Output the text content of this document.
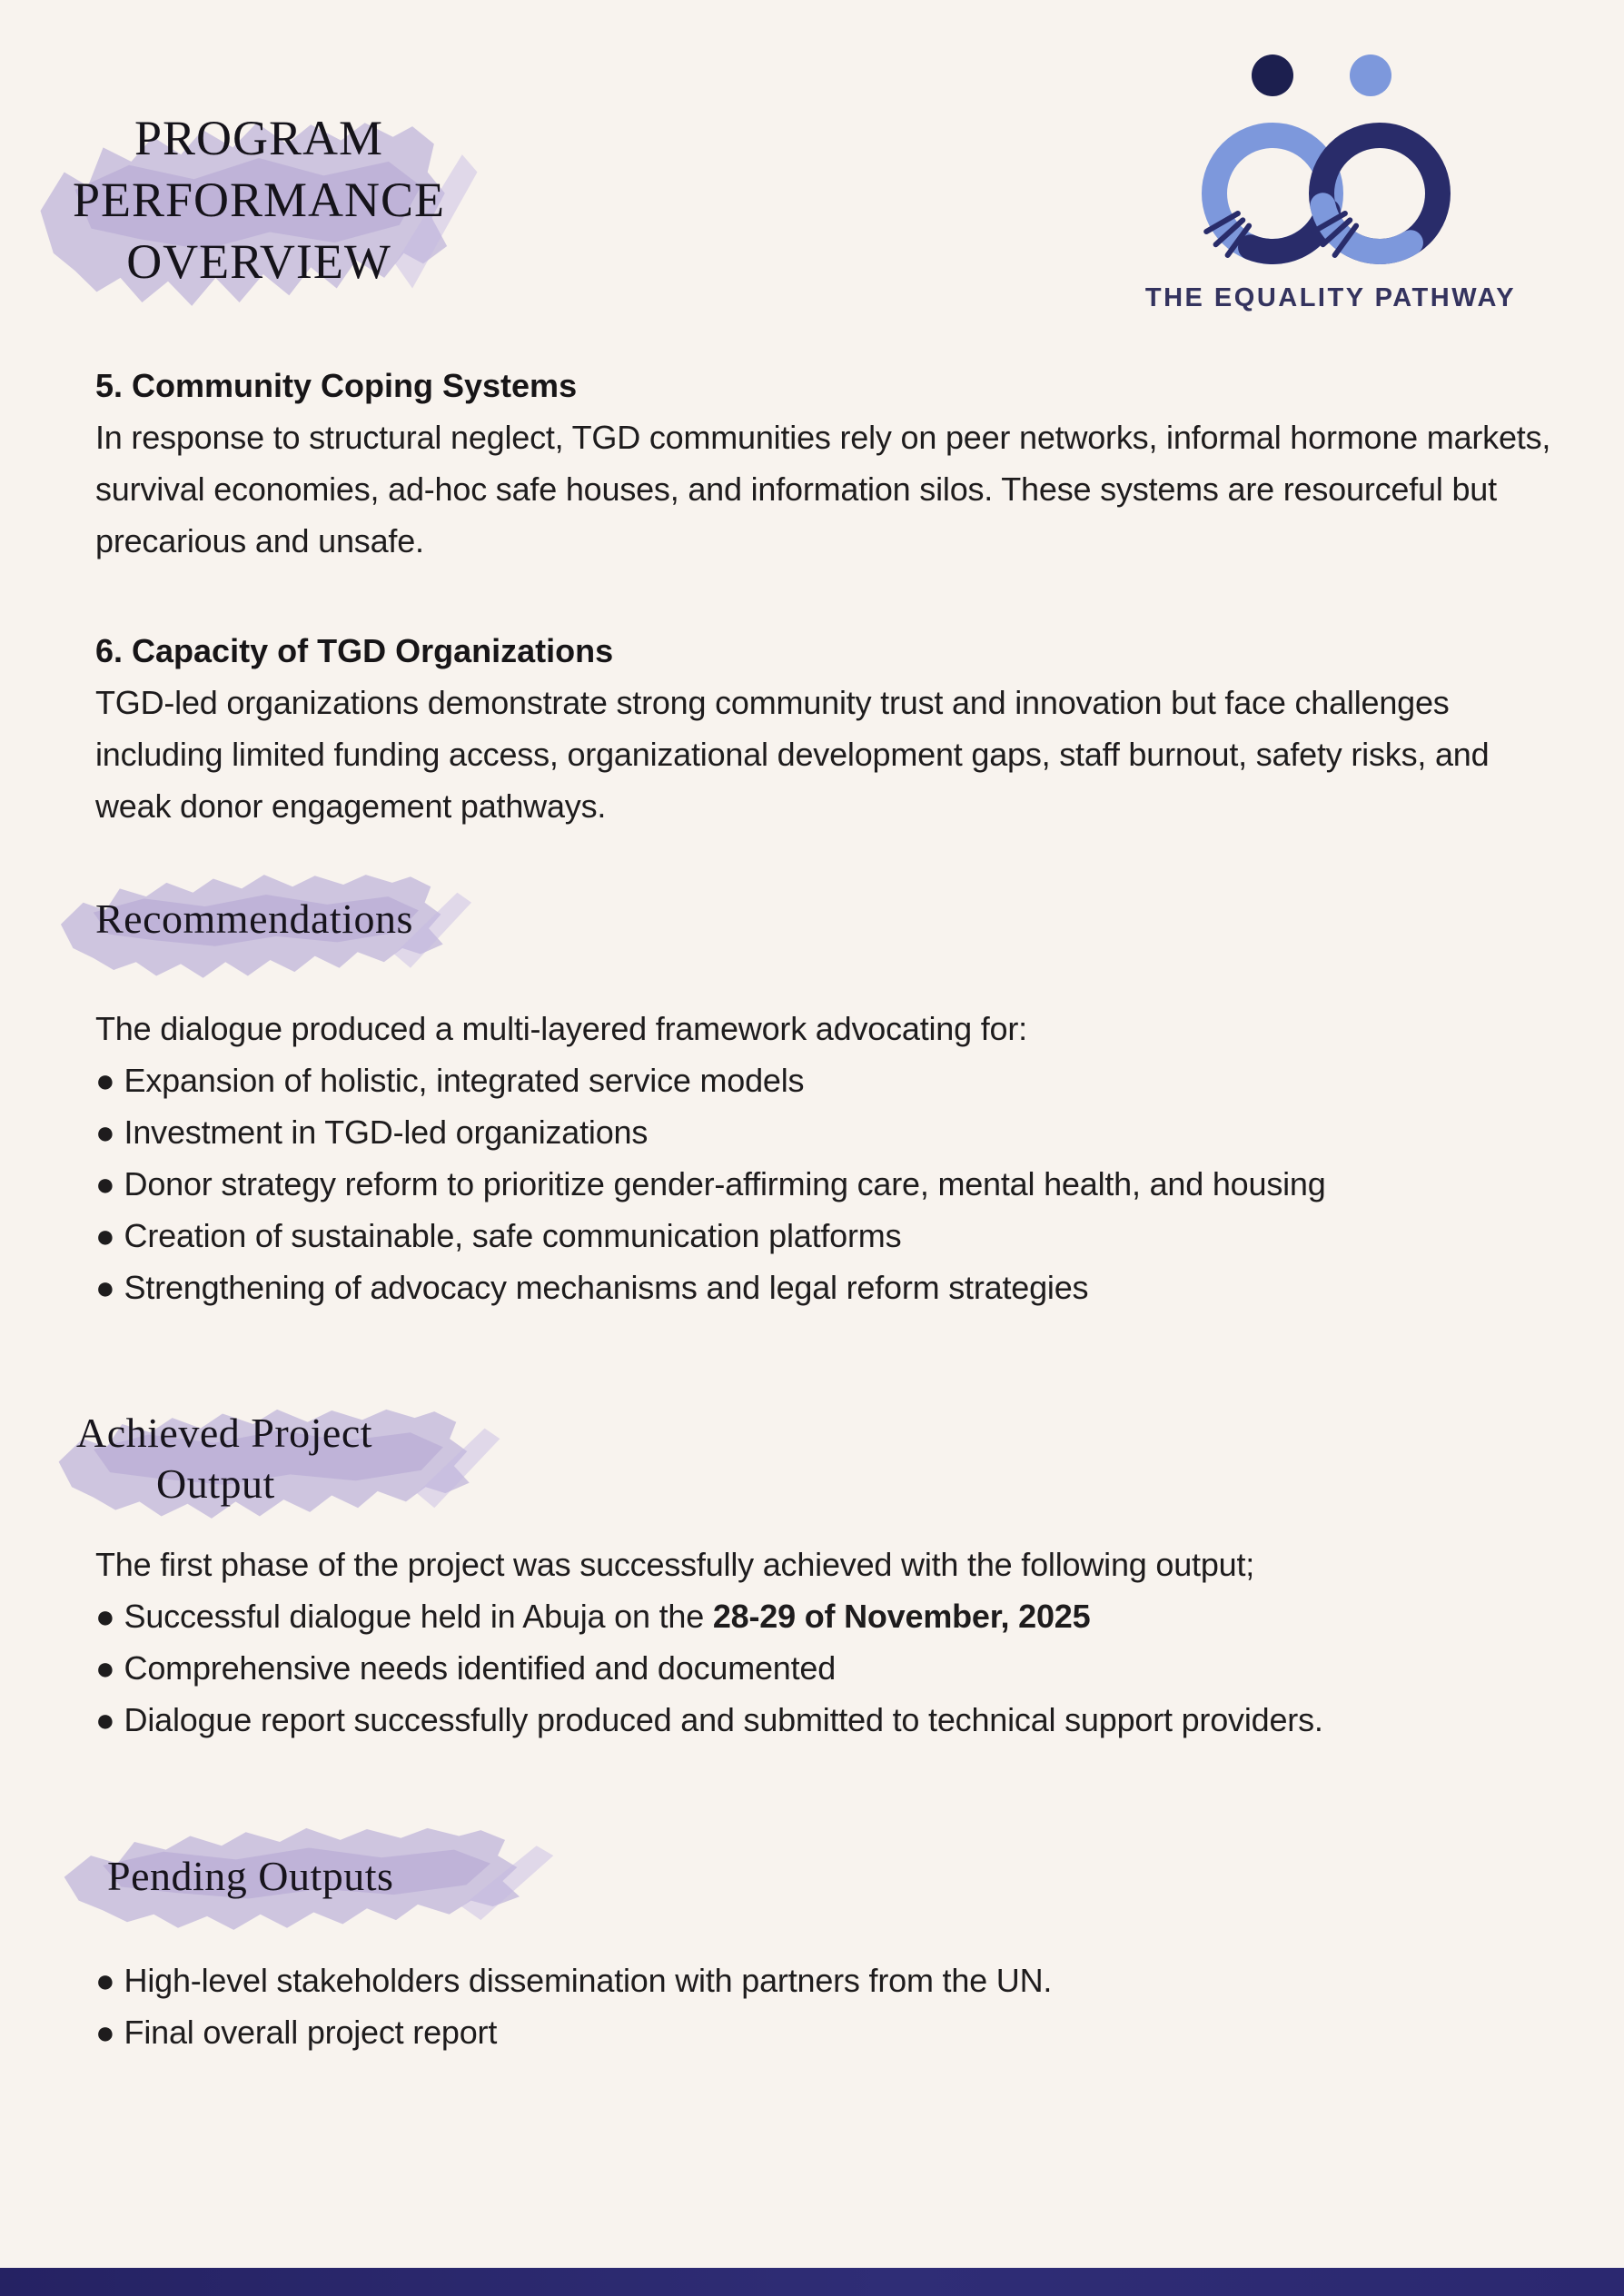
PROGRAM
PERFORMANCE
OVERVIEW
THE EQUALITY PATHWAY
5. Community Coping Systems

In response to structural neglect, TGD communities rely on peer networks, informal hormone markets, survival economies, ad-hoc safe houses, and information silos. These systems are resourceful but precarious and unsafe.

6. Capacity of TGD Organizations

TGD-led organizations demonstrate strong community trust and innovation but face challenges including limited funding access, organizational development gaps, staff burnout, safety risks, and weak donor engagement pathways.

Recommendations

The dialogue produced a multi-layered framework advocating for:

● Expansion of holistic, integrated service models
● Investment in TGD-led organizations
● Donor strategy reform to prioritize gender-affirming care, mental health, and housing
● Creation of sustainable, safe communication platforms
● Strengthening of advocacy mechanisms and legal reform strategies
Achieved Project
Output

The first phase of the project was successfully achieved with the following output;

● Successful dialogue held in Abuja on the 28-29 of November, 2025
● Comprehensive needs identified and documented
● Dialogue report successfully produced and submitted to technical support providers.
Pending Outputs
● High-level stakeholders dissemination with partners from the UN.
● Final overall project report
